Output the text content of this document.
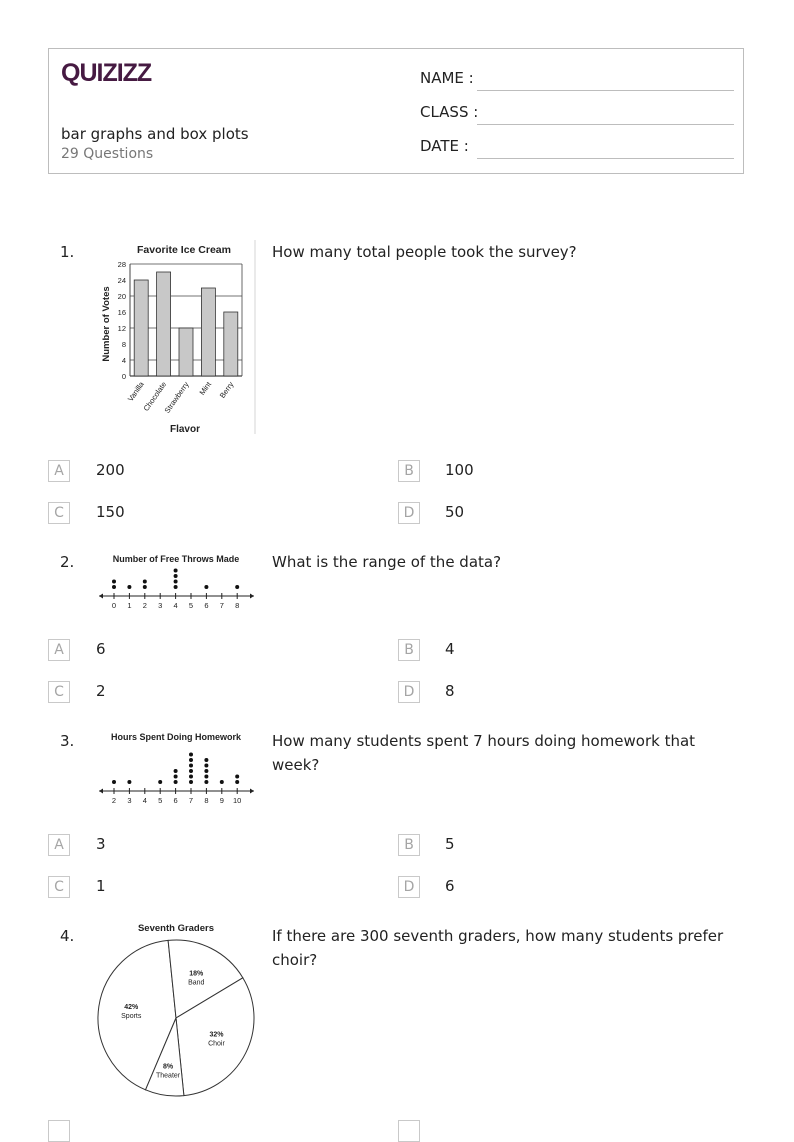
QUIZIZZ
bar graphs and box plots
29 Questions
NAME :
CLASS :
DATE :
1.	How many total people took the survey?
Favorite Ice Cream
Flavor
Number of Votes
0
4
8
12
16
20
24
28
Vanilla
Chocolate
Strawberry Mint Berry
A	200	B	100
C	150	D	50
2.	What is the range of the data?
Number of Free Throws Made
0 1 2 3 4 5 6 7 8
A	6	B	4
C	2	D	8
3.	How many students spent 7 hours doing homework that week?
Hours Spent Doing Homework
2 3 4 5 6 7 8 9 10
A	3	B	5
C	1	D	6
4.	If there are 300 seventh graders, how many students prefer choir?
Seventh Graders
42%
Sports
18%
Band
32%
Choir
8%
Theater
